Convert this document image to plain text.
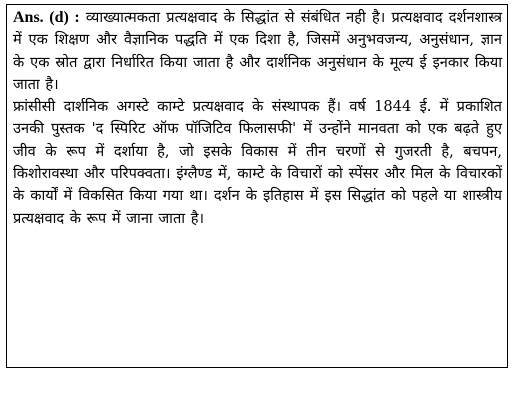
Ans. (d) : व्याख्यात्मकता प्रत्यक्षवाद के सिद्धांत से संबंधित नही है। प्रत्यक्षवाद दर्शनशास्त्र में एक शिक्षण और वैज्ञानिक पद्धति में एक दिशा है, जिसमें अनुभवजन्य, अनुसंधान, ज्ञान के एक स्रोत द्वारा निर्धारित किया जाता है और दार्शनिक अनुसंधान के मूल्य ई इनकार किया जाता है।

फ्रांसीसी दार्शनिक अगस्टे काम्टे प्रत्यक्षवाद के संस्थापक हैं। वर्ष 1844 ई. में प्रकाशित उनकी पुस्तक 'द स्पिरिट ऑफ पॉजिटिव फिलासफी' में उन्होंने मानवता को एक बढ़ते हुए जीव के रूप में दर्शाया है, जो इसके विकास में तीन चरणों से गुजरती है, बचपन, किशोरावस्था और परिपक्वता। इंग्लैण्ड में, काम्टे के विचारों को स्पेंसर और मिल के विचारकों के कार्यों में विकसित किया गया था। दर्शन के इतिहास में इस सिद्धांत को पहले या शास्त्रीय प्रत्यक्षवाद के रूप में जाना जाता है।
